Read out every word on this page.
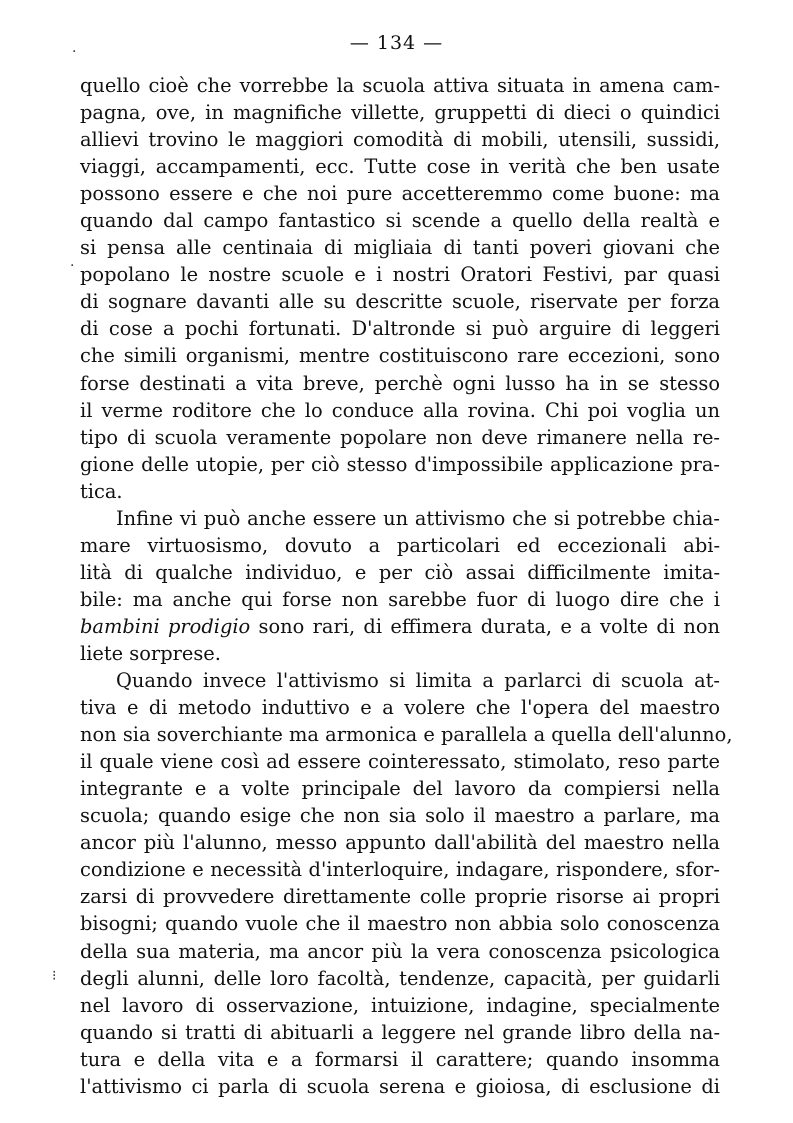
— 134 —
quello cioè che vorrebbe la scuola attiva situata in amena cam-
pagna, ove, in magnifiche villette, gruppetti di dieci o quindici
allievi trovino le maggiori comodità di mobili, utensili, sussidi,
viaggi, accampamenti, ecc. Tutte cose in verità che ben usate
possono essere e che noi pure accetteremmo come buone: ma
quando dal campo fantastico si scende a quello della realtà e
si pensa alle centinaia di migliaia di tanti poveri giovani che
popolano le nostre scuole e i nostri Oratori Festivi, par quasi
di sognare davanti alle su descritte scuole, riservate per forza
di cose a pochi fortunati. D'altronde si può arguire di leggeri
che simili organismi, mentre costituiscono rare eccezioni, sono
forse destinati a vita breve, perchè ogni lusso ha in se stesso
il verme roditore che lo conduce alla rovina. Chi poi voglia un
tipo di scuola veramente popolare non deve rimanere nella re-
gione delle utopie, per ciò stesso d'impossibile applicazione pra-
tica.
Infine vi può anche essere un attivismo che si potrebbe chia-
mare virtuosismo, dovuto a particolari ed eccezionali abi-
lità di qualche individuo, e per ciò assai difficilmente imita-
bile: ma anche qui forse non sarebbe fuor di luogo dire che i
bambini prodigio sono rari, di effimera durata, e a volte di non
liete sorprese.
Quando invece l'attivismo si limita a parlarci di scuola at-
tiva e di metodo induttivo e a volere che l'opera del maestro
non sia soverchiante ma armonica e parallela a quella dell'alunno,
il quale viene così ad essere cointeressato, stimolato, reso parte
integrante e a volte principale del lavoro da compiersi nella
scuola; quando esige che non sia solo il maestro a parlare, ma
ancor più l'alunno, messo appunto dall'abilità del maestro nella
condizione e necessità d'interloquire, indagare, rispondere, sfor-
zarsi di provvedere direttamente colle proprie risorse ai propri
bisogni; quando vuole che il maestro non abbia solo conoscenza
della sua materia, ma ancor più la vera conoscenza psicologica
degli alunni, delle loro facoltà, tendenze, capacità, per guidarli
nel lavoro di osservazione, intuizione, indagine, specialmente
quando si tratti di abituarli a leggere nel grande libro della na-
tura e della vita e a formarsi il carattere; quando insomma
l'attivismo ci parla di scuola serena e gioiosa, di esclusione di
·
·
⁝
